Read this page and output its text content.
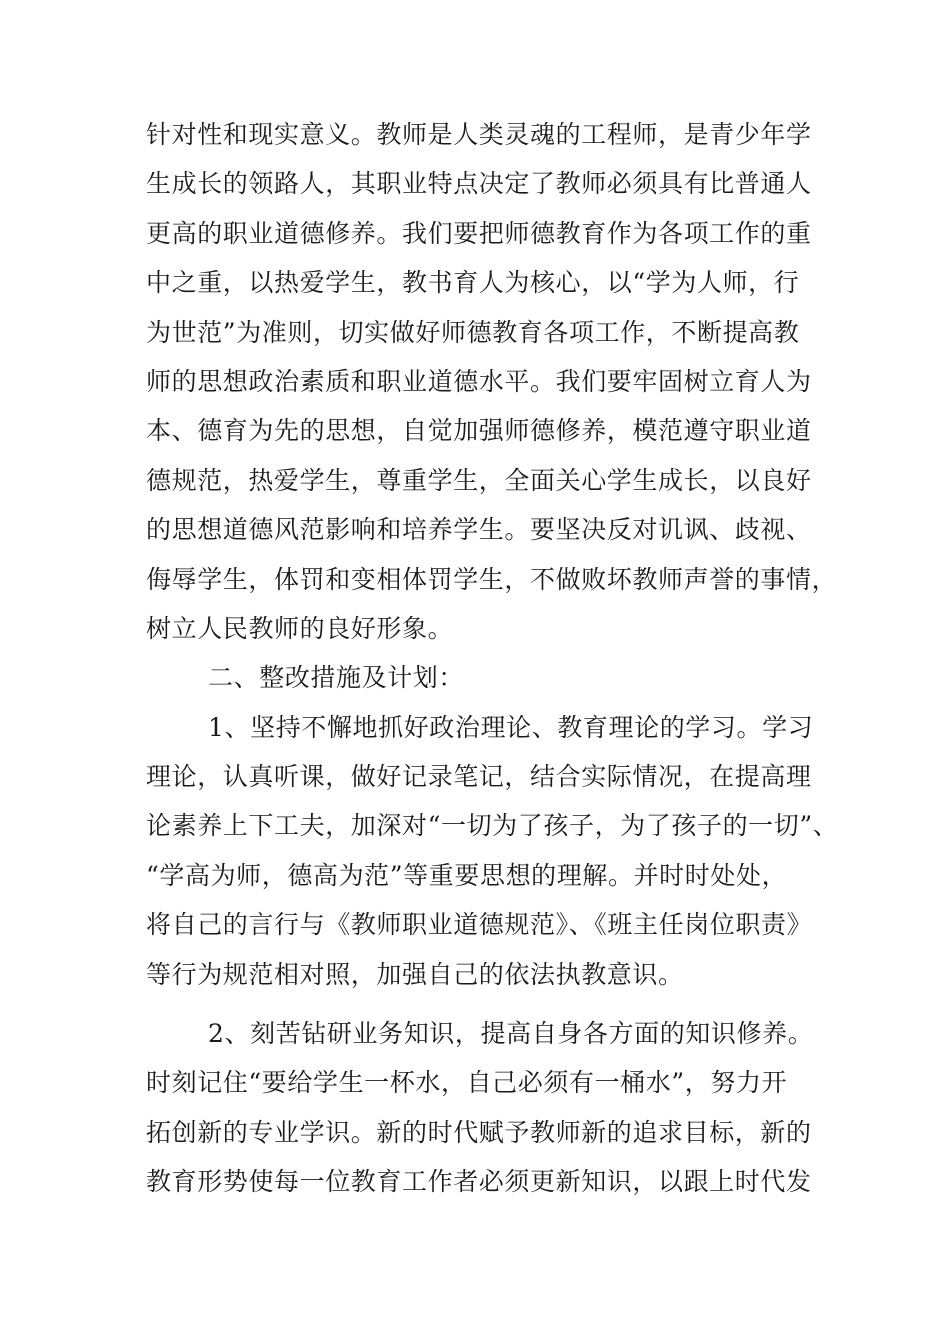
针对性和现实意义。教师是人类灵魂的工程师，是青少年学
生成长的领路人，其职业特点决定了教师必须具有比普通人
更高的职业道德修养。我们要把师德教育作为各项工作的重
中之重，以热爱学生，教书育人为核心，以“学为人师，行
为世范”为准则，切实做好师德教育各项工作，不断提高教
师的思想政治素质和职业道德水平。我们要牢固树立育人为
本、德育为先的思想，自觉加强师德修养，模范遵守职业道
德规范，热爱学生，尊重学生，全面关心学生成长，以良好
的思想道德风范影响和培养学生。要坚决反对讥讽、歧视、
侮辱学生，体罚和变相体罚学生，不做败坏教师声誉的事情，
树立人民教师的良好形象。
二、整改措施及计划：
1、坚持不懈地抓好政治理论、教育理论的学习。学习
理论，认真听课，做好记录笔记，结合实际情况，在提高理
论素养上下工夫，加深对“一切为了孩子，为了孩子的一切”、
“学高为师，德高为范”等重要思想的理解。并时时处处，
将自己的言行与《教师职业道德规范》、《班主任岗位职责》
等行为规范相对照，加强自己的依法执教意识。
2、刻苦钻研业务知识，提高自身各方面的知识修养。
时刻记住“要给学生一杯水，自己必须有一桶水”，努力开
拓创新的专业学识。新的时代赋予教师新的追求目标，新的
教育形势使每一位教育工作者必须更新知识，以跟上时代发
